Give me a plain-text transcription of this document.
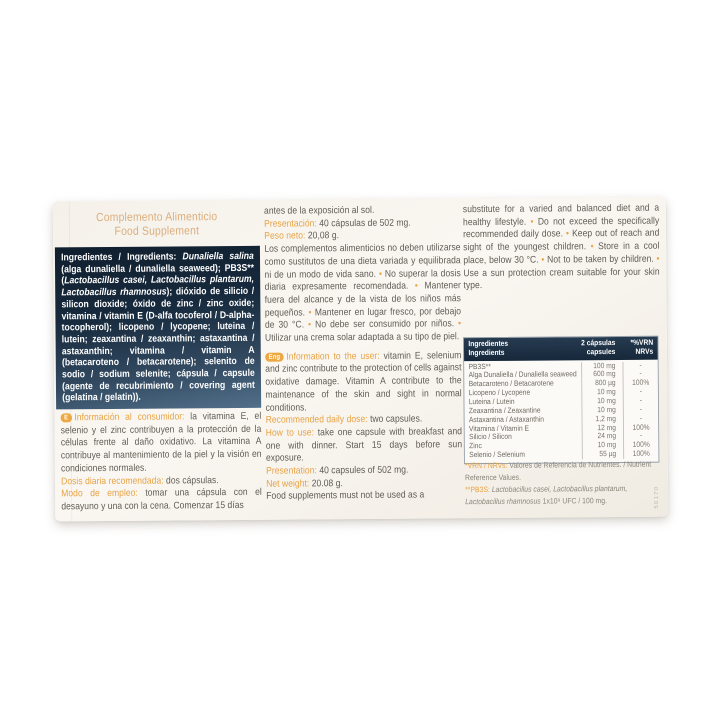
Complemento Alimenticio
Food Supplement
Ingredientes / Ingredients: Dunaliella salina (alga dunaliella / dunaliella seaweed); PB3S** (Lactobacillus casei, Lactobacillus plantarum, Lactobacillus rhamnosus); dióxido de silicio / silicon dioxide; óxido de zinc / zinc oxide; vitamina / vitamin E (D-alfa tocoferol / D-alpha-tocopherol); licopeno / lycopene; luteina / lutein; zeaxantina / zeaxanthin; astaxantina / astaxanthin; vitamina / vitamin A (betacaroteno / betacarotene); selenito de sodio / sodium selenite; cápsula / capsule (agente de recubrimiento / covering agent (gelatina / gelatin)).

E Información al consumidor: la vitamina E, el selenio y el zinc contribuyen a la protección de la células frente al daño oxidativo. La vitamina A contribuye al mantenimiento de la piel y la visión en condiciones normales.

Dosis diaria recomendada: dos cápsulas.

Modo de empleo: tomar una cápsula con el desayuno y una con la cena. Comenzar 15 días

antes de la exposición al sol.

Presentación: 40 cápsulas de 502 mg.

Peso neto: 20,08 g.

Los complementos alimenticios no deben utilizarse como sustitutos de una dieta variada y equilibrada ni de un modo de vida sano. • No superar la dosis diaria expresamente recomendada. • Mantener fuera del alcance y de la vista de los niños más pequeños. • Mantener en lugar fresco, por debajo de 30 °C. • No debe ser consumido por niños. • Utilizar una crema solar adaptada a su tipo de piel.

Eng Information to the user: vitamin E, selenium and zinc contribute to the protection of cells against oxidative damage. Vitamin A contribute to the maintenance of the skin and sight in normal conditions.

Recommended daily dose: two capsules.

How to use: take one capsule with breakfast and one with dinner. Start 15 days before sun exposure.

Presentation: 40 capsules of 502 mg.

Net weight: 20.08 g.

Food supplements must not be used as a

substitute for a varied and balanced diet and a healthy lifestyle. • Do not exceed the specifically recommended daily dose. • Keep out of reach and sight of the youngest children. • Store in a cool place, below 30 °C. • Not to be taken by children. • Use a sun protection cream suitable for your skin type.

Ingredientes
Ingredients
2 cápsulas
capsules
*%VRN
NRVs
PB3S**	100 mg	-
Alga Dunaliella / Dunaliella seaweed	600 mg	-
Betacaroteno / Betacarotene	800 µg	100%
Licopeno / Lycopene	10 mg	-
Luteina / Lutein	10 mg	-
Zeaxantina / Zeaxantine	10 mg	-
Astaxantina / Astaxanthin	1,2 mg	-
Vitamina / Vitamin E	12 mg	100%
Silicio / Silicon	24 mg	-
Zinc	10 mg	100%
Selenio / Selenium	55 µg	100%

*VRN / NRVs: Valores de Referencia de Nutrientes. / Nutrient Reference Values.

**PB3S: Lactobacillus casei, Lactobacillus plantarum, Lactobacillus rhamnosus 1x10⁹ UFC / 100 mg.	50170
